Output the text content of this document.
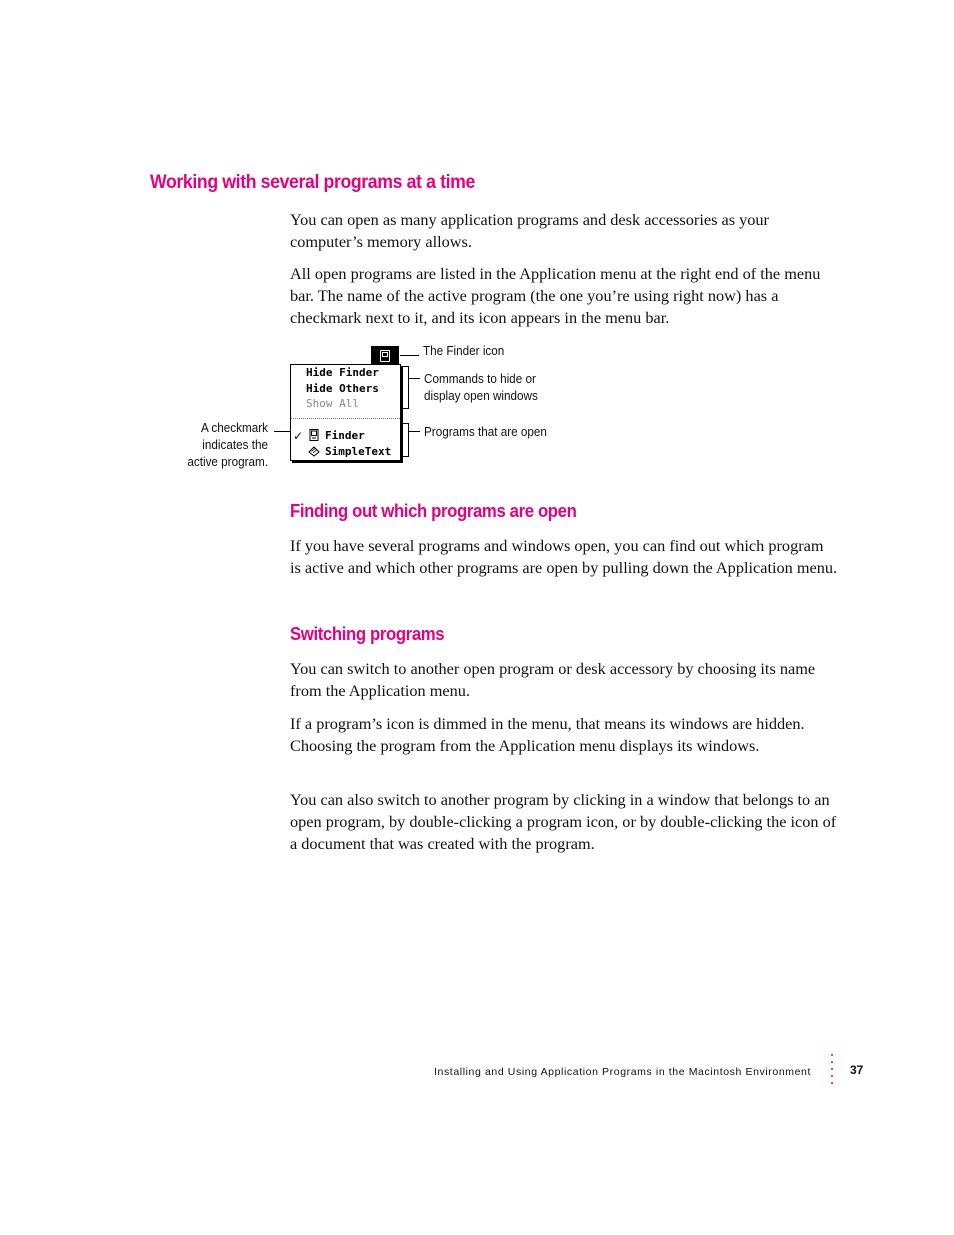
Working with several programs at a time

You can open as many application programs and desk accessories as your computer’s memory allows.

All open programs are listed in the Application menu at the right end of the menu bar. The name of the active program (the one you’re using right now) has a checkmark next to it, and its icon appears in the menu bar.

The Finder icon
Hide Finder
Hide Others
Show All
✓ Finder
SimpleText
Commands to hide or display open windows
Programs that are open
A checkmark indicates the active program.
Finding out which programs are open

If you have several programs and windows open, you can find out which program is active and which other programs are open by pulling down the Application menu.

Switching programs

You can switch to another open program or desk accessory by choosing its name from the Application menu.

If a program’s icon is dimmed in the menu, that means its windows are hidden. Choosing the program from the Application menu displays its windows.

You can also switch to another program by clicking in a window that belongs to an open program, by double-clicking a program icon, or by double-clicking the icon of a document that was created with the program.

Installing and Using Application Programs in the Macintosh Environment	37
